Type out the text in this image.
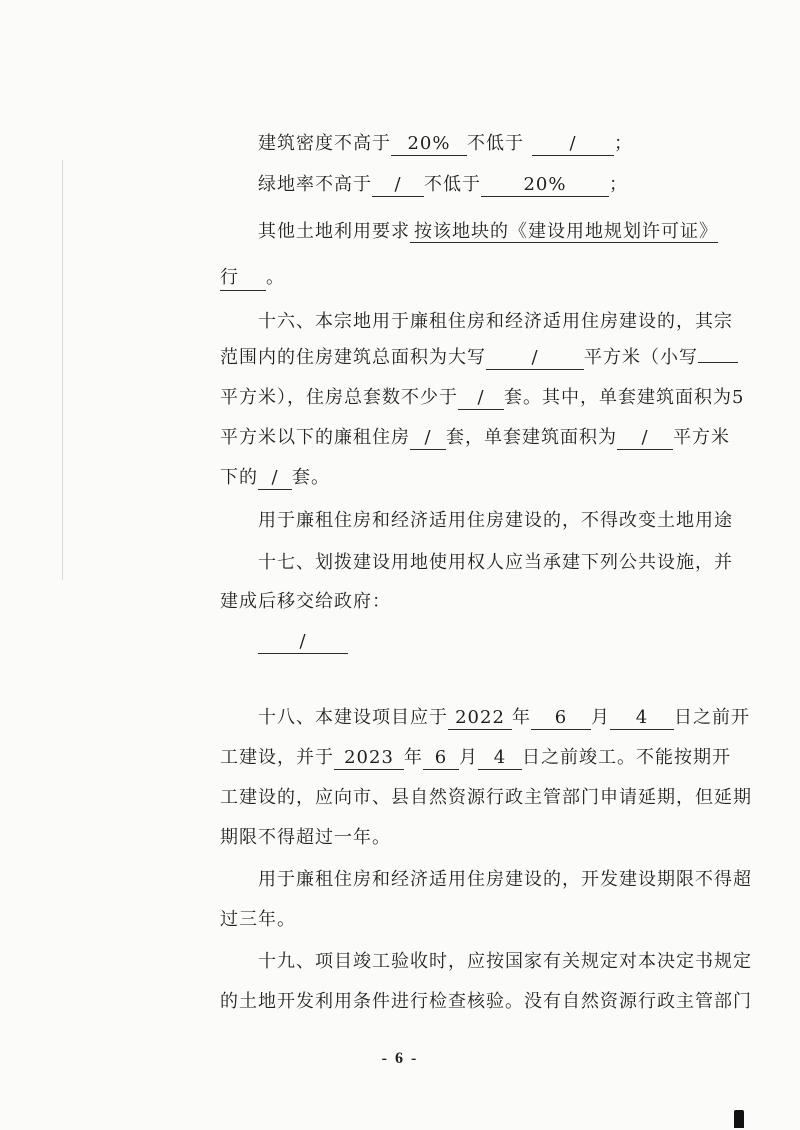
建筑密度不高于 20% 不低于	/ ；
绿地率不高于 / 不低于 20% ；
其他土地利用要求 按该地块的《建设用地规划许可证》
行 。
十六、本宗地用于廉租住房和经济适用住房建设的，其宗
范围内的住房建筑总面积为大写	/	平方米（小写
平方米），住房总套数不少于 / 套。其中，单套建筑面积为5
平方米以下的廉租住房 / 套，单套建筑面积为 / 平方米
下的 / 套。
用于廉租住房和经济适用住房建设的，不得改变土地用途
十七、划拨建设用地使用权人应当承建下列公共设施，并
建成后移交给政府：
/
十八、本建设项目应于 2022 年 6 月 4 日之前开
工建设，并于 2023 年 6 月 4 日之前竣工。不能按期开
工建设的，应向市、县自然资源行政主管部门申请延期，但延期
期限不得超过一年。
用于廉租住房和经济适用住房建设的，开发建设期限不得超
过三年。
十九、项目竣工验收时，应按国家有关规定对本决定书规定
的土地开发利用条件进行检查核验。没有自然资源行政主管部门
- 6 -
